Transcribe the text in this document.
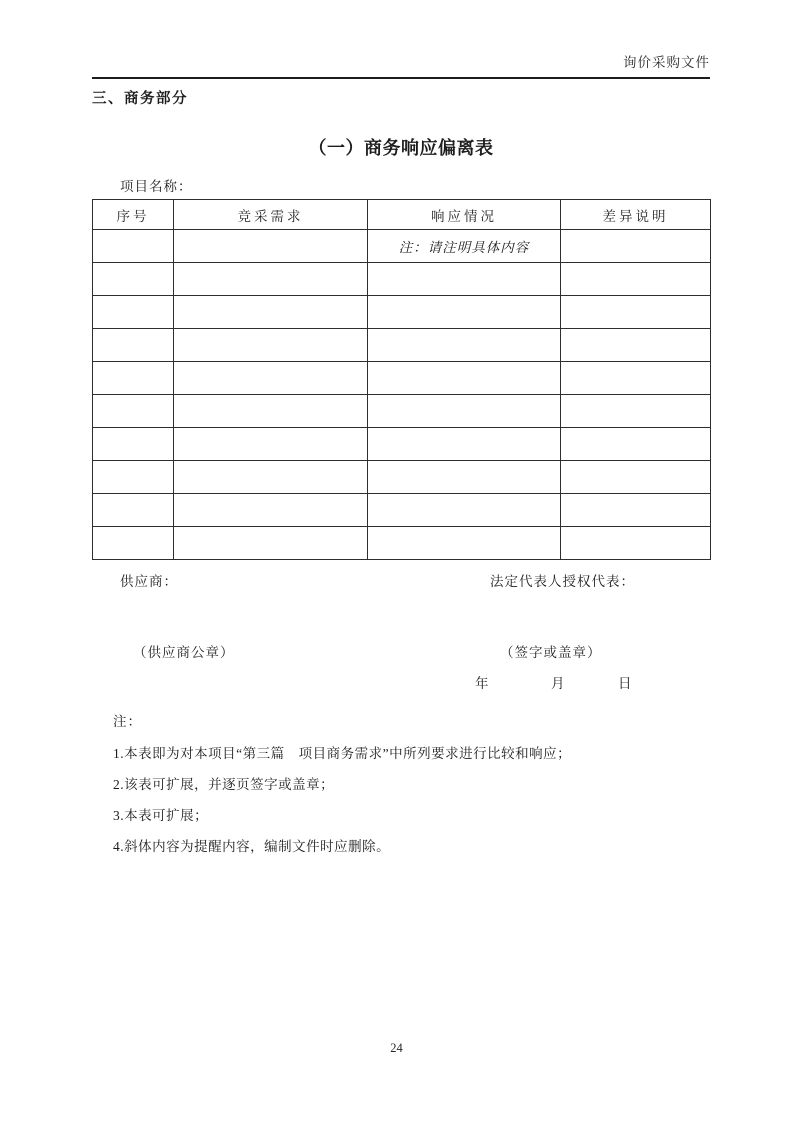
询价采购文件
三、商务部分
（一）商务响应偏离表
项目名称：
序号	竞采需求	响应情况	差异说明
		注：请注明具体内容	

供应商：	法定代表人授权代表：
（供应商公章）	（签字或盖章）
年	月	日
注：
1.本表即为对本项目“第三篇　项目商务需求”中所列要求进行比较和响应；
2.该表可扩展，并逐页签字或盖章；
3.本表可扩展；
4.斜体内容为提醒内容，编制文件时应删除。
24
